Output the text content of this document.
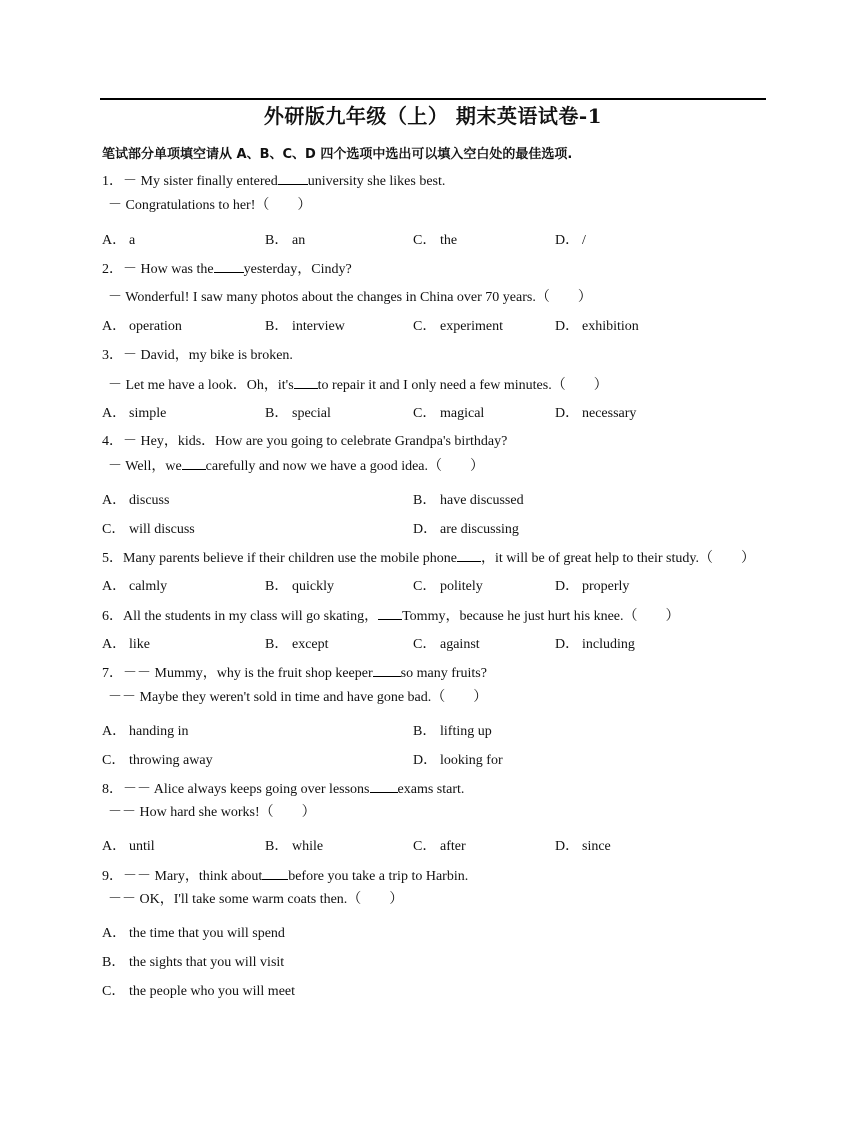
外研版九年级（上） 期末英语试卷-1
笔试部分单项填空请从 A、B、C、D 四个选项中选出可以填入空白处的最佳选项.
1．－ My sister finally entered university she likes best.
－ Congratulations to her!（　　）
A． a	B． an	C． the	D． /
2．－ How was the yesterday，Cindy?
－ Wonderful! I saw many photos about the changes in China over 70 years.（　　）
A． operation	B． interview	C． experiment	D． exhibition
3．－ David，my bike is broken.
－ Let me have a look．Oh，it's to repair it and I only need a few minutes.（　　）
A． simple	B． special	C． magical	D． necessary
4．－ Hey，kids．How are you going to celebrate Grandpa's birthday?
－ Well，we carefully and now we have a good idea.（　　）
A． discuss	B． have discussed
C． will discuss	D． are discussing
5．Many parents believe if their children use the mobile phone ，it will be of great help to their study.（　　）
A． calmly	B． quickly	C． politely	D． properly
6．All the students in my class will go skating， Tommy，because he just hurt his knee.（　　）
A． like	B． except	C． against	D． including
7．－－ Mummy，why is the fruit shop keeper so many fruits?
－－ Maybe they weren't sold in time and have gone bad.（　　）
A． handing in	B． lifting up
C． throwing away	D． looking for
8．－－ Alice always keeps going over lessons exams start.
－－ How hard she works!（　　）
A． until	B． while	C． after	D． since
9．－－ Mary，think about before you take a trip to Harbin.
－－ OK，I'll take some warm coats then.（　　）
A． the time that you will spend
B． the sights that you will visit
C． the people who you will meet
